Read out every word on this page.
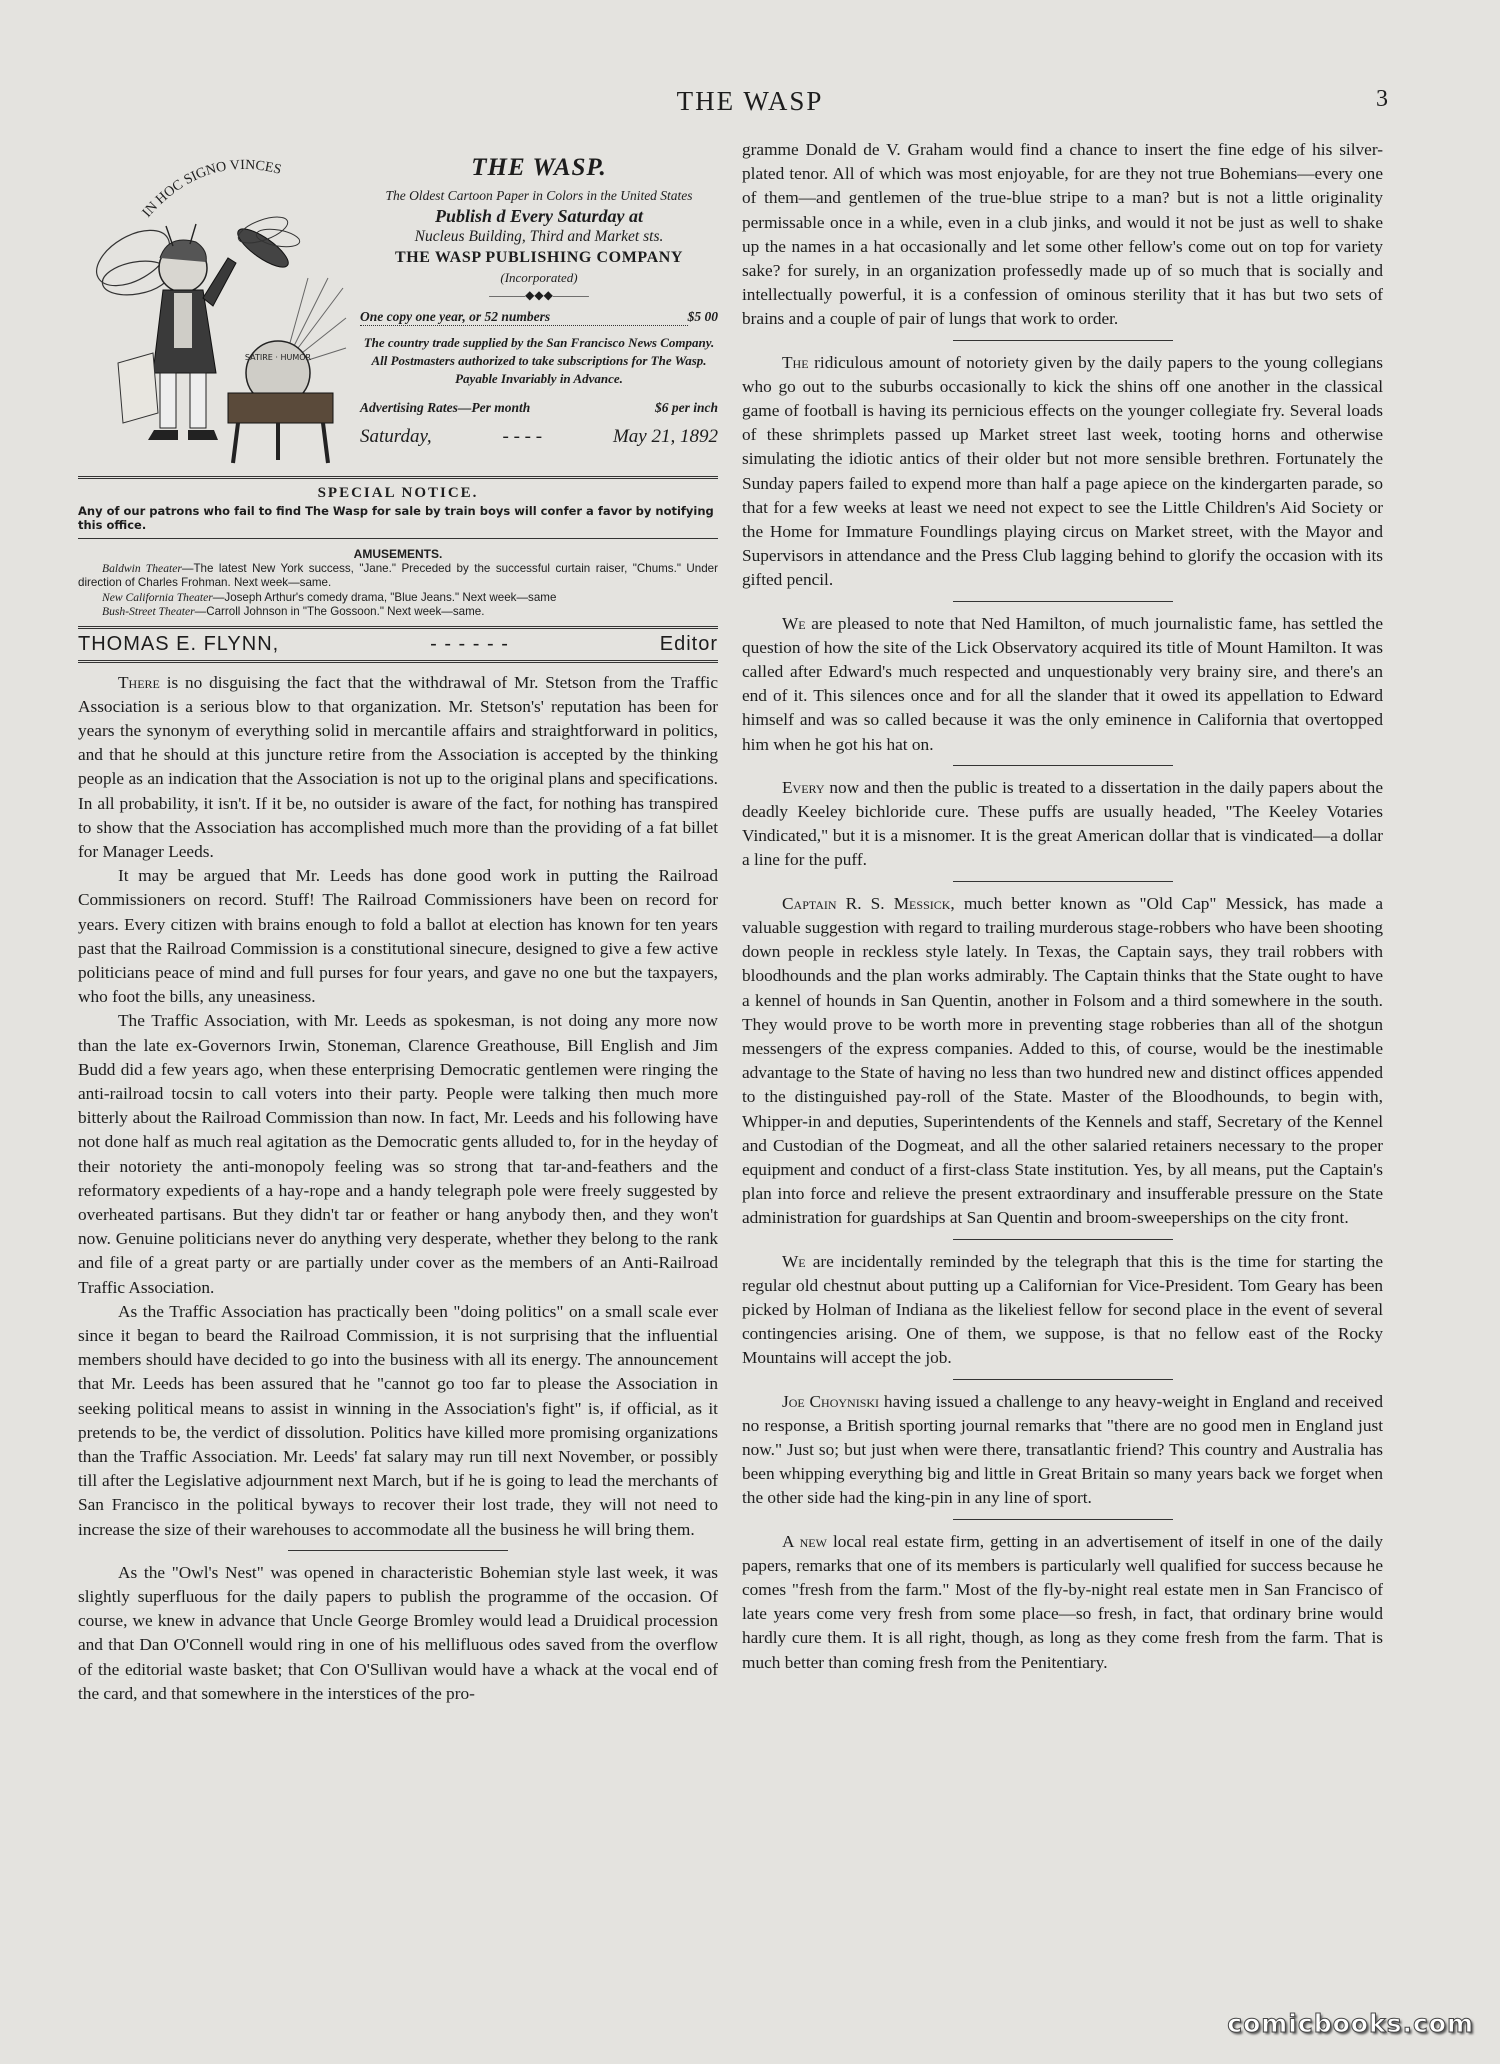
THE WASP	3
IN HOC SIGNO VINCES
SATIRE · HUMOR
THE WASP.
The Oldest Cartoon Paper in Colors in the United States
Publish d Every Saturday at
Nucleus Building, Third and Market sts.
THE WASP PUBLISHING COMPANY
(Incorporated)
———◆◆◆———
One copy one year, or 52 numbers	$5 00
The country trade supplied by the San Francisco News Company. All Postmasters authorized to take subscriptions for The Wasp.
Payable Invariably in Advance.
Advertising Rates—Per month	$6 per inch
Saturday,	- - - -	May 21, 1892
SPECIAL NOTICE.
Any of our patrons who fail to find The Wasp for sale by train boys will confer a favor by notifying this office.
AMUSEMENTS.
Baldwin Theater—The latest New York success, "Jane." Preceded by the successful curtain raiser, "Chums." Under direction of Charles Frohman. Next week—same.
New California Theater—Joseph Arthur's comedy drama, "Blue Jeans." Next week—same
Bush-Street Theater—Carroll Johnson in "The Gossoon." Next week—same.
THOMAS E. FLYNN,	- - - - - -	Editor

There is no disguising the fact that the withdrawal of Mr. Stetson from the Traffic Association is a serious blow to that organization. Mr. Stetson's' reputation has been for years the synonym of everything solid in mercantile affairs and straightforward in politics, and that he should at this juncture retire from the Association is accepted by the thinking people as an indication that the Association is not up to the original plans and specifications. In all probability, it isn't. If it be, no outsider is aware of the fact, for nothing has transpired to show that the Association has accomplished much more than the providing of a fat billet for Manager Leeds.

It may be argued that Mr. Leeds has done good work in putting the Railroad Commissioners on record. Stuff! The Railroad Commissioners have been on record for years. Every citizen with brains enough to fold a ballot at election has known for ten years past that the Railroad Commission is a constitutional sinecure, designed to give a few active politicians peace of mind and full purses for four years, and gave no one but the taxpayers, who foot the bills, any uneasiness.

The Traffic Association, with Mr. Leeds as spokesman, is not doing any more now than the late ex-Governors Irwin, Stoneman, Clarence Greathouse, Bill English and Jim Budd did a few years ago, when these enterprising Democratic gentlemen were ringing the anti-railroad tocsin to call voters into their party. People were talking then much more bitterly about the Railroad Commission than now. In fact, Mr. Leeds and his following have not done half as much real agitation as the Democratic gents alluded to, for in the heyday of their notoriety the anti-monopoly feeling was so strong that tar-and-feathers and the reformatory expedients of a hay-rope and a handy telegraph pole were freely suggested by overheated partisans. But they didn't tar or feather or hang anybody then, and they won't now. Genuine politicians never do anything very desperate, whether they belong to the rank and file of a great party or are partially under cover as the members of an Anti-Railroad Traffic Association.

As the Traffic Association has practically been "doing politics" on a small scale ever since it began to beard the Railroad Commission, it is not surprising that the influential members should have decided to go into the business with all its energy. The announcement that Mr. Leeds has been assured that he "cannot go too far to please the Association in seeking political means to assist in winning in the Association's fight" is, if official, as it pretends to be, the verdict of dissolution. Politics have killed more promising organizations than the Traffic Association. Mr. Leeds' fat salary may run till next November, or possibly till after the Legislative adjournment next March, but if he is going to lead the merchants of San Francisco in the political byways to recover their lost trade, they will not need to increase the size of their warehouses to accommodate all the business he will bring them.

As the "Owl's Nest" was opened in characteristic Bohemian style last week, it was slightly superfluous for the daily papers to publish the programme of the occasion. Of course, we knew in advance that Uncle George Bromley would lead a Druidical procession and that Dan O'Connell would ring in one of his mellifluous odes saved from the overflow of the editorial waste basket; that Con O'Sullivan would have a whack at the vocal end of the card, and that somewhere in the interstices of the pro-

gramme Donald de V. Graham would find a chance to insert the fine edge of his silver-plated tenor. All of which was most enjoyable, for are they not true Bohemians—every one of them—and gentlemen of the true-blue stripe to a man? but is not a little originality permissable once in a while, even in a club jinks, and would it not be just as well to shake up the names in a hat occasionally and let some other fellow's come out on top for variety sake? for surely, in an organization professedly made up of so much that is socially and intellectually powerful, it is a confession of ominous sterility that it has but two sets of brains and a couple of pair of lungs that work to order.

The ridiculous amount of notoriety given by the daily papers to the young collegians who go out to the suburbs occasionally to kick the shins off one another in the classical game of football is having its pernicious effects on the younger collegiate fry. Several loads of these shrimplets passed up Market street last week, tooting horns and otherwise simulating the idiotic antics of their older but not more sensible brethren. Fortunately the Sunday papers failed to expend more than half a page apiece on the kindergarten parade, so that for a few weeks at least we need not expect to see the Little Children's Aid Society or the Home for Immature Foundlings playing circus on Market street, with the Mayor and Supervisors in attendance and the Press Club lagging behind to glorify the occasion with its gifted pencil.

We are pleased to note that Ned Hamilton, of much journalistic fame, has settled the question of how the site of the Lick Observatory acquired its title of Mount Hamilton. It was called after Edward's much respected and unquestionably very brainy sire, and there's an end of it. This silences once and for all the slander that it owed its appellation to Edward himself and was so called because it was the only eminence in California that overtopped him when he got his hat on.

Every now and then the public is treated to a dissertation in the daily papers about the deadly Keeley bichloride cure. These puffs are usually headed, "The Keeley Votaries Vindicated," but it is a misnomer. It is the great American dollar that is vindicated—a dollar a line for the puff.

Captain R. S. Messick, much better known as "Old Cap" Messick, has made a valuable suggestion with regard to trailing murderous stage-robbers who have been shooting down people in reckless style lately. In Texas, the Captain says, they trail robbers with bloodhounds and the plan works admirably. The Captain thinks that the State ought to have a kennel of hounds in San Quentin, another in Folsom and a third somewhere in the south. They would prove to be worth more in preventing stage robberies than all of the shotgun messengers of the express companies. Added to this, of course, would be the inestimable advantage to the State of having no less than two hundred new and distinct offices appended to the distinguished pay-roll of the State. Master of the Bloodhounds, to begin with, Whipper-in and deputies, Superintendents of the Kennels and staff, Secretary of the Kennel and Custodian of the Dogmeat, and all the other salaried retainers necessary to the proper equipment and conduct of a first-class State institution. Yes, by all means, put the Captain's plan into force and relieve the present extraordinary and insufferable pressure on the State administration for guardships at San Quentin and broom-sweeperships on the city front.

We are incidentally reminded by the telegraph that this is the time for starting the regular old chestnut about putting up a Californian for Vice-President. Tom Geary has been picked by Holman of Indiana as the likeliest fellow for second place in the event of several contingencies arising. One of them, we suppose, is that no fellow east of the Rocky Mountains will accept the job.

Joe Choyniski having issued a challenge to any heavy-weight in England and received no response, a British sporting journal remarks that "there are no good men in England just now." Just so; but just when were there, transatlantic friend? This country and Australia has been whipping everything big and little in Great Britain so many years back we forget when the other side had the king-pin in any line of sport.

A new local real estate firm, getting in an advertisement of itself in one of the daily papers, remarks that one of its members is particularly well qualified for success because he comes "fresh from the farm." Most of the fly-by-night real estate men in San Francisco of late years come very fresh from some place—so fresh, in fact, that ordinary brine would hardly cure them. It is all right, though, as long as they come fresh from the farm. That is much better than coming fresh from the Penitentiary.

comicbooks.com
